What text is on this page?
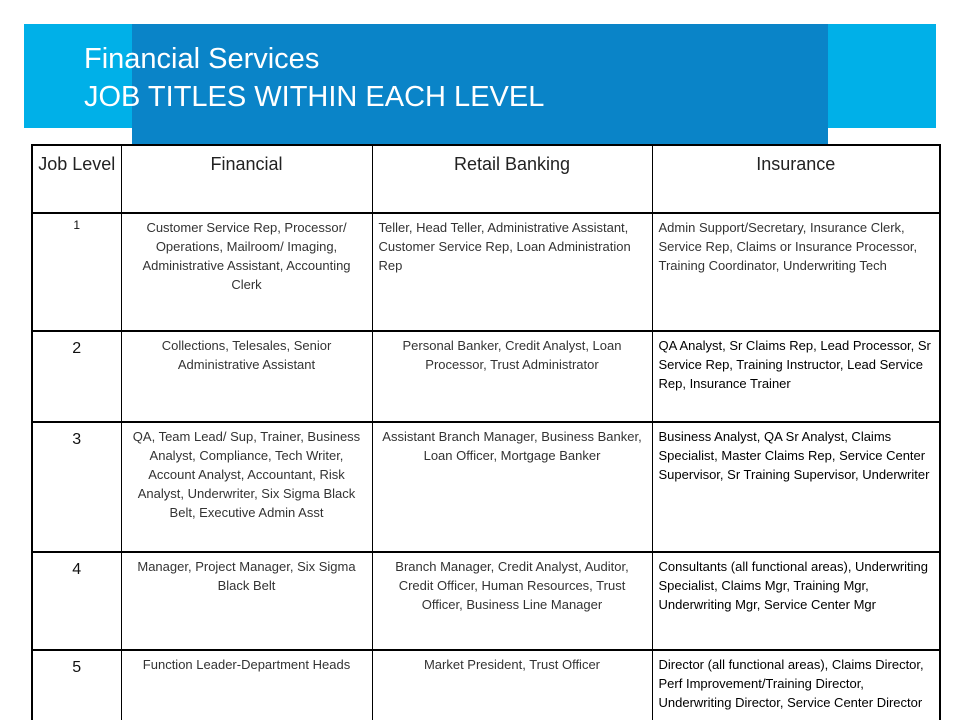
Financial Services
JOB TITLES WITHIN EACH LEVEL
Job Level	Financial	Retail Banking	Insurance
1	Customer Service Rep, Processor/ Operations, Mailroom/ Imaging, Administrative Assistant, Accounting Clerk	Teller, Head Teller, Administrative Assistant, Customer Service Rep, Loan Administration Rep	Admin Support/Secretary, Insurance Clerk, Service Rep, Claims or Insurance Processor, Training Coordinator, Underwriting Tech
2	Collections, Telesales, Senior Administrative Assistant	Personal Banker, Credit Analyst, Loan Processor, Trust Administrator	QA Analyst, Sr Claims Rep, Lead Processor, Sr Service Rep, Training Instructor, Lead Service Rep, Insurance Trainer
3	QA, Team Lead/ Sup, Trainer, Business Analyst, Compliance, Tech Writer, Account Analyst, Accountant, Risk Analyst, Underwriter, Six Sigma Black Belt, Executive Admin Asst	Assistant Branch Manager, Business Banker, Loan Officer, Mortgage Banker	Business Analyst, QA Sr Analyst, Claims Specialist, Master Claims Rep, Service Center Supervisor, Sr Training Supervisor, Underwriter
4	Manager, Project Manager, Six Sigma Black Belt	Branch Manager, Credit Analyst, Auditor, Credit Officer, Human Resources, Trust Officer, Business Line Manager	Consultants (all functional areas), Underwriting Specialist, Claims Mgr, Training Mgr, Underwriting Mgr, Service Center Mgr
5	Function Leader-Department Heads	Market President, Trust Officer	Director (all functional areas), Claims Director, Perf Improvement/Training Director, Underwriting Director, Service Center Director
